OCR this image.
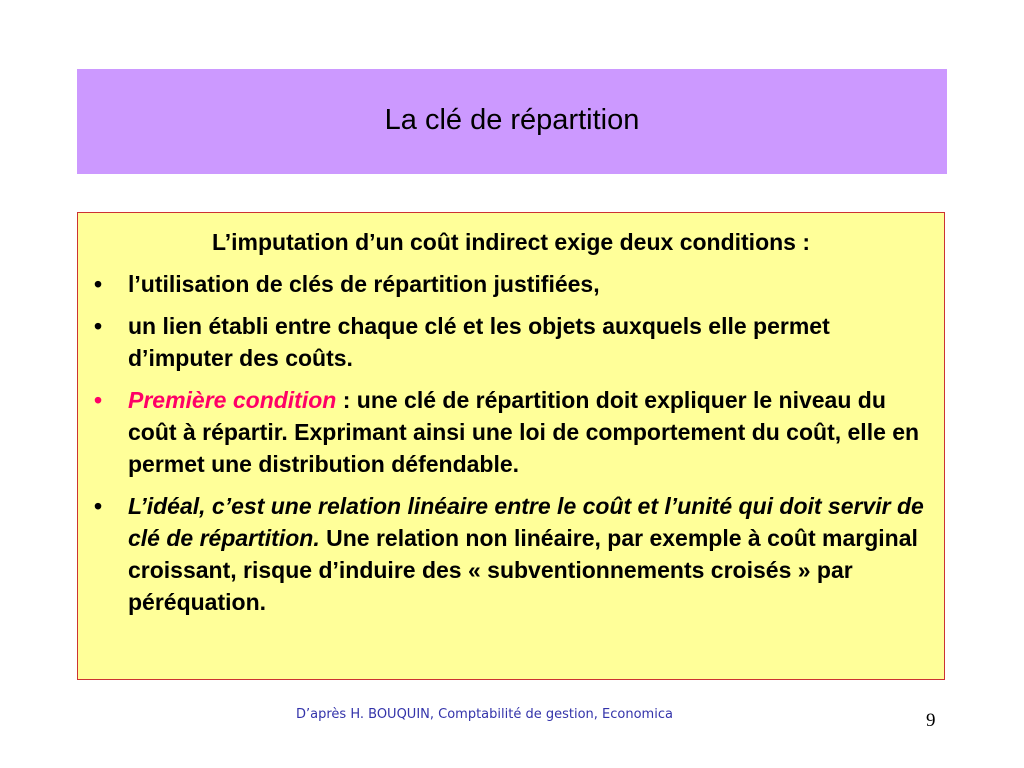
La clé de répartition
L’imputation d’un coût indirect exige deux conditions :
• l’utilisation de clés de répartition justifiées,
• un lien établi entre chaque clé et les objets auxquels elle permet d’imputer des coûts.
• Première condition : une clé de répartition doit expliquer le niveau du coût à répartir. Exprimant ainsi une loi de comportement du coût, elle en permet une distribution défendable.
• L’idéal, c’est une relation linéaire entre le coût et l’unité qui doit servir de clé de répartition. Une relation non linéaire, par exemple à coût marginal croissant, risque d’induire des « subventionnements croisés » par péréquation.
D’après H. BOUQUIN, Comptabilité de gestion, Economica	9
